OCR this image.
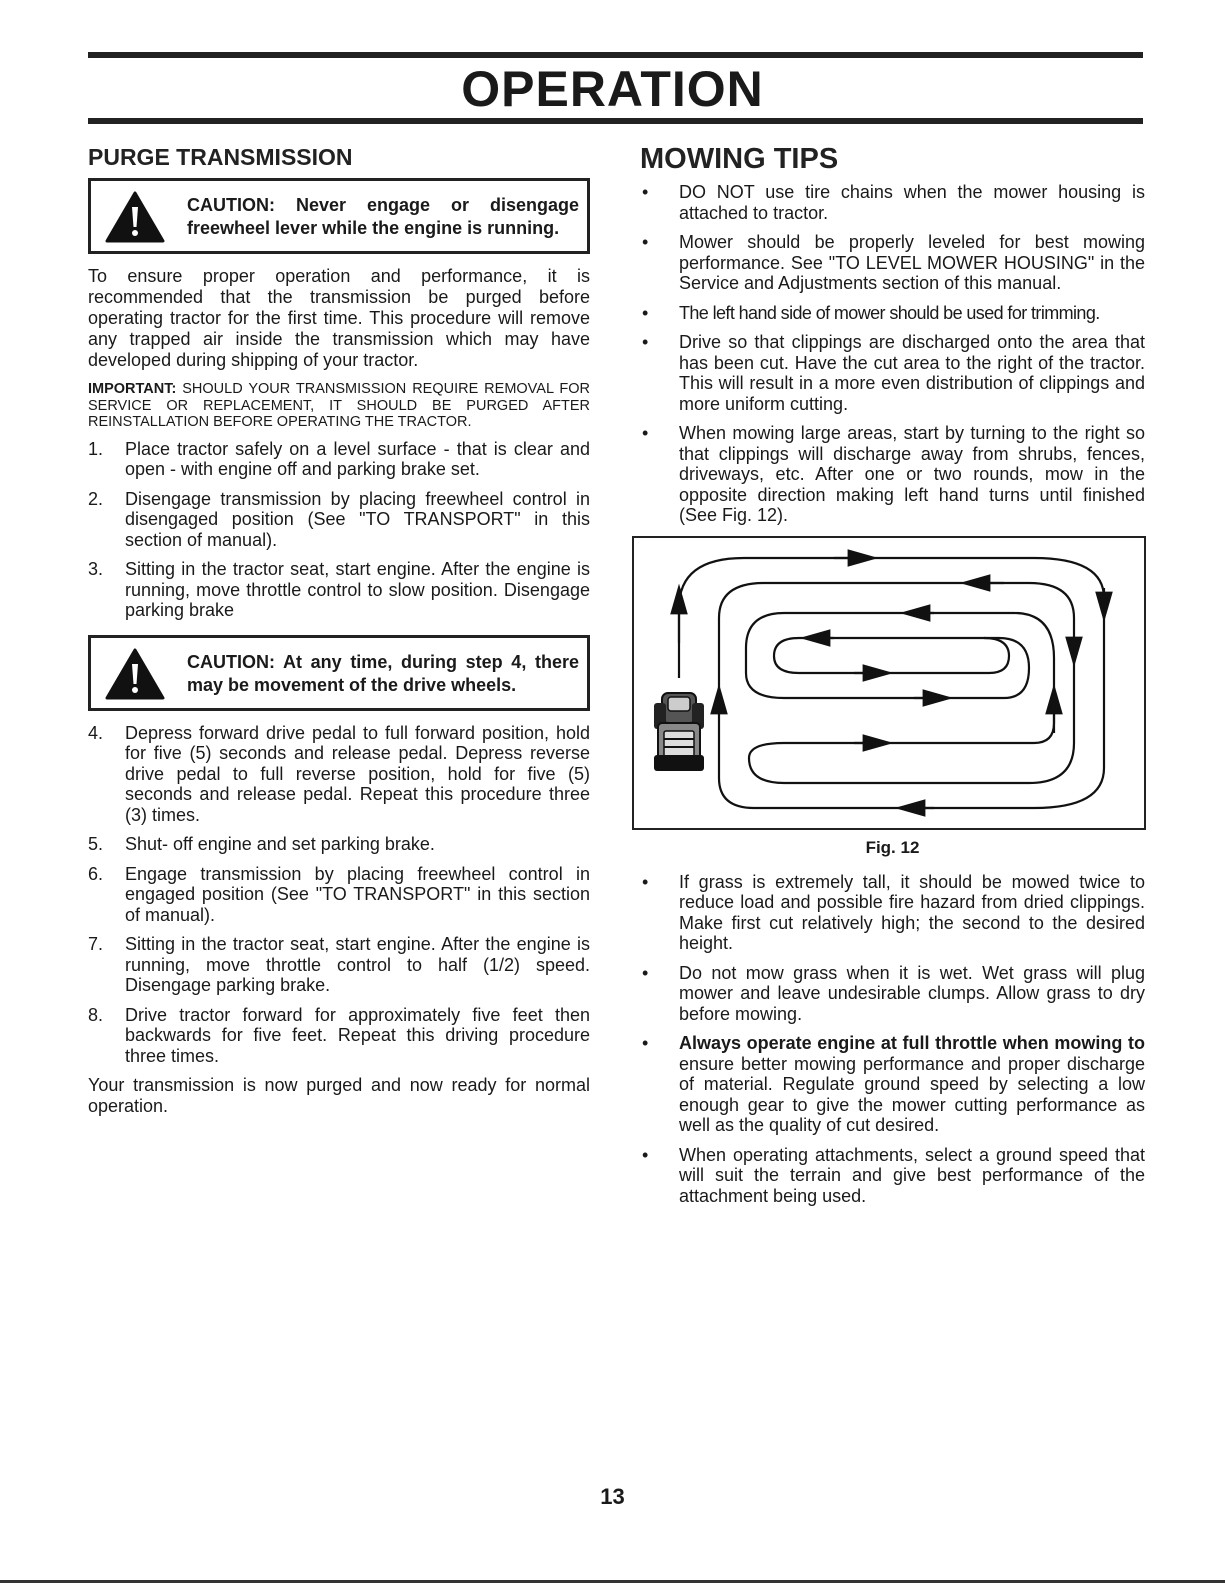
OPERATION
PURGE TRANSMISSION
CAUTION: Never engage or disengage freewheel lever while the engine is running.

To ensure proper operation and performance, it is recommended that the transmission be purged before operating tractor for the first time. This procedure will remove any trapped air inside the transmission which may have developed during shipping of your tractor.

IMPORTANT: SHOULD YOUR TRANSMISSION REQUIRE REMOVAL FOR SERVICE OR REPLACEMENT, IT SHOULD BE PURGED AFTER REINSTALLATION BEFORE OPERATING THE TRACTOR.

1.	Place tractor safely on a level surface - that is clear and open - with engine off and parking brake set.
2.	Disengage transmission by placing freewheel control in disengaged position (See "TO TRANSPORT" in this section of manual).
3.	Sitting in the tractor seat, start engine. After the engine is running, move throttle control to slow position. Disengage parking brake
CAUTION: At any time, during step 4, there may be movement of the drive wheels.
4.	Depress forward drive pedal to full forward position, hold for five (5) seconds and release pedal. Depress reverse drive pedal to full reverse position, hold for five (5) seconds and release pedal. Repeat this procedure three (3) times.
5.	Shut- off engine and set parking brake.
6.	Engage transmission by placing freewheel control in engaged position (See "TO TRANSPORT" in this section of manual).
7.	Sitting in the tractor seat, start engine. After the engine is running, move throttle control to half (1/2) speed. Disengage parking brake.
8.	Drive tractor forward for approximately five feet then backwards for five feet. Repeat this driving procedure three times.

Your transmission is now purged and now ready for normal operation.

MOWING TIPS
•	DO NOT use tire chains when the mower housing is attached to tractor.
•	Mower should be properly leveled for best mowing performance. See "TO LEVEL MOWER HOUSING" in the Service and Adjustments section of this manual.
•	The left hand side of mower should be used for trimming.
•	Drive so that clippings are discharged onto the area that has been cut. Have the cut area to the right of the tractor. This will result in a more even distribution of clippings and more uniform cutting.
•	When mowing large areas, start by turning to the right so that clippings will discharge away from shrubs, fences, driveways, etc. After one or two rounds, mow in the opposite direction making left hand turns until finished (See Fig. 12).
Fig. 12
•	If grass is extremely tall, it should be mowed twice to reduce load and possible fire hazard from dried clippings. Make first cut relatively high; the second to the desired height.
•	Do not mow grass when it is wet. Wet grass will plug mower and leave undesirable clumps. Allow grass to dry before mowing.
•	Always operate engine at full throttle when mowing to ensure better mowing performance and proper discharge of material. Regulate ground speed by selecting a low enough gear to give the mower cutting performance as well as the quality of cut desired.
•	When operating attachments, select a ground speed that will suit the terrain and give best performance of the attachment being used.
13
